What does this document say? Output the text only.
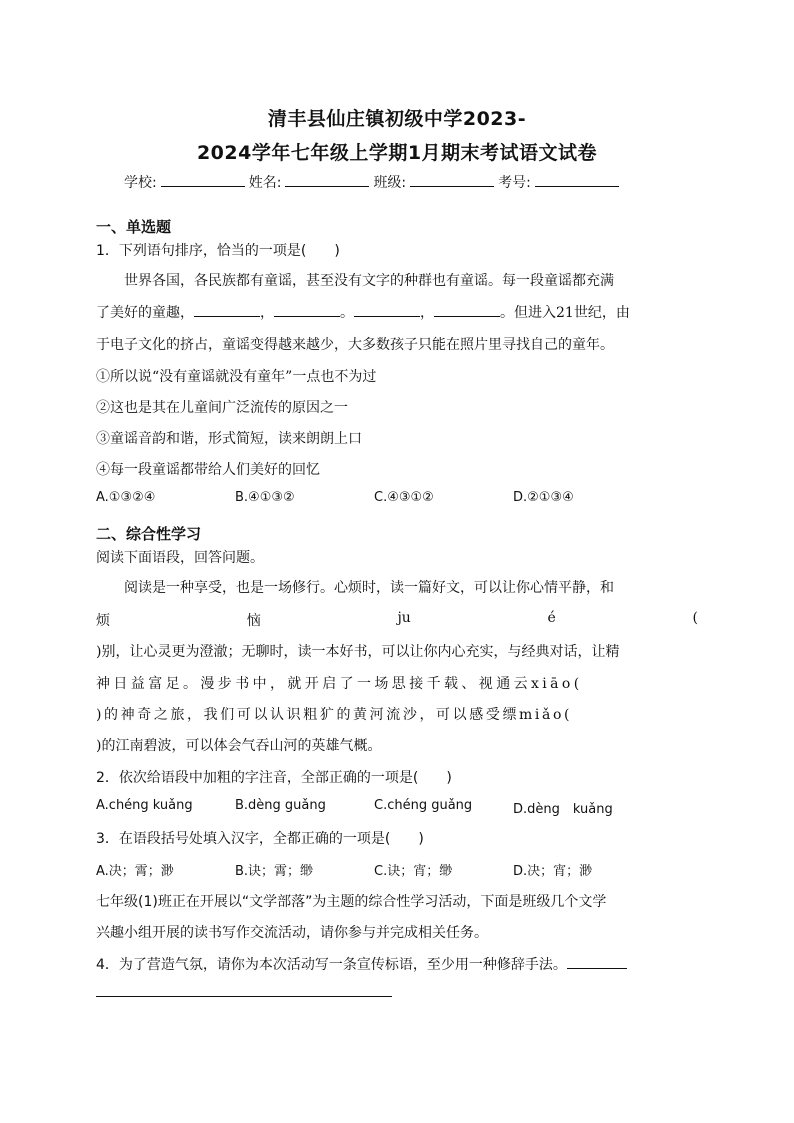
清丰县仙庄镇初级中学2023-
2024学年七年级上学期1月期末考试语文试卷
学校:	姓名:	班级:	考号:
一、单选题
1．下列语句排序，恰当的一项是(　　)
世界各国，各民族都有童谣，甚至没有文字的种群也有童谣。每一段童谣都充满
了美好的童趣，	，	。	，	。但进入21世纪，由
于电子文化的挤占，童谣变得越来越少，大多数孩子只能在照片里寻找自己的童年。
①所以说“没有童谣就没有童年”一点也不为过
②这也是其在儿童间广泛流传的原因之一
③童谣音韵和谐，形式简短，读来朗朗上口
④每一段童谣都带给人们美好的回忆
A.①③②④	B.④①③②	C.④③①②	D.②①③④
二、综合性学习
阅读下面语段，回答问题。
阅读是一种享受，也是一场修行。心烦时，读一篇好文，可以让你心情平静，和
烦	恼	ju	é	(
)别，让心灵更为澄澈；无聊时，读一本好书，可以让你内心充实，与经典对话，让精
神日益富足。漫步书中，就开启了一场思接千载、视通云xiāo(
)的神奇之旅，我们可以认识粗犷的黄河流沙，可以感受缥miǎo(
)的江南碧波，可以体会气吞山河的英雄气概。
2．依次给语段中加粗的字注音，全部正确的一项是(　　)
A.chéng kuǎng	B.dèng guǎng	C.chéng guǎng	D.dèng　kuǎng
3．在语段括号处填入汉字，全都正确的一项是(　　)
A.决；霄；渺	B.诀；霄；缈	C.诀；宵；缈	D.决；宵；渺
七年级(1)班正在开展以“文学部落”为主题的综合性学习活动，下面是班级几个文学
兴趣小组开展的读书写作交流活动，请你参与并完成相关任务。
4．为了营造气氛，请你为本次活动写一条宣传标语，至少用一种修辞手法。
